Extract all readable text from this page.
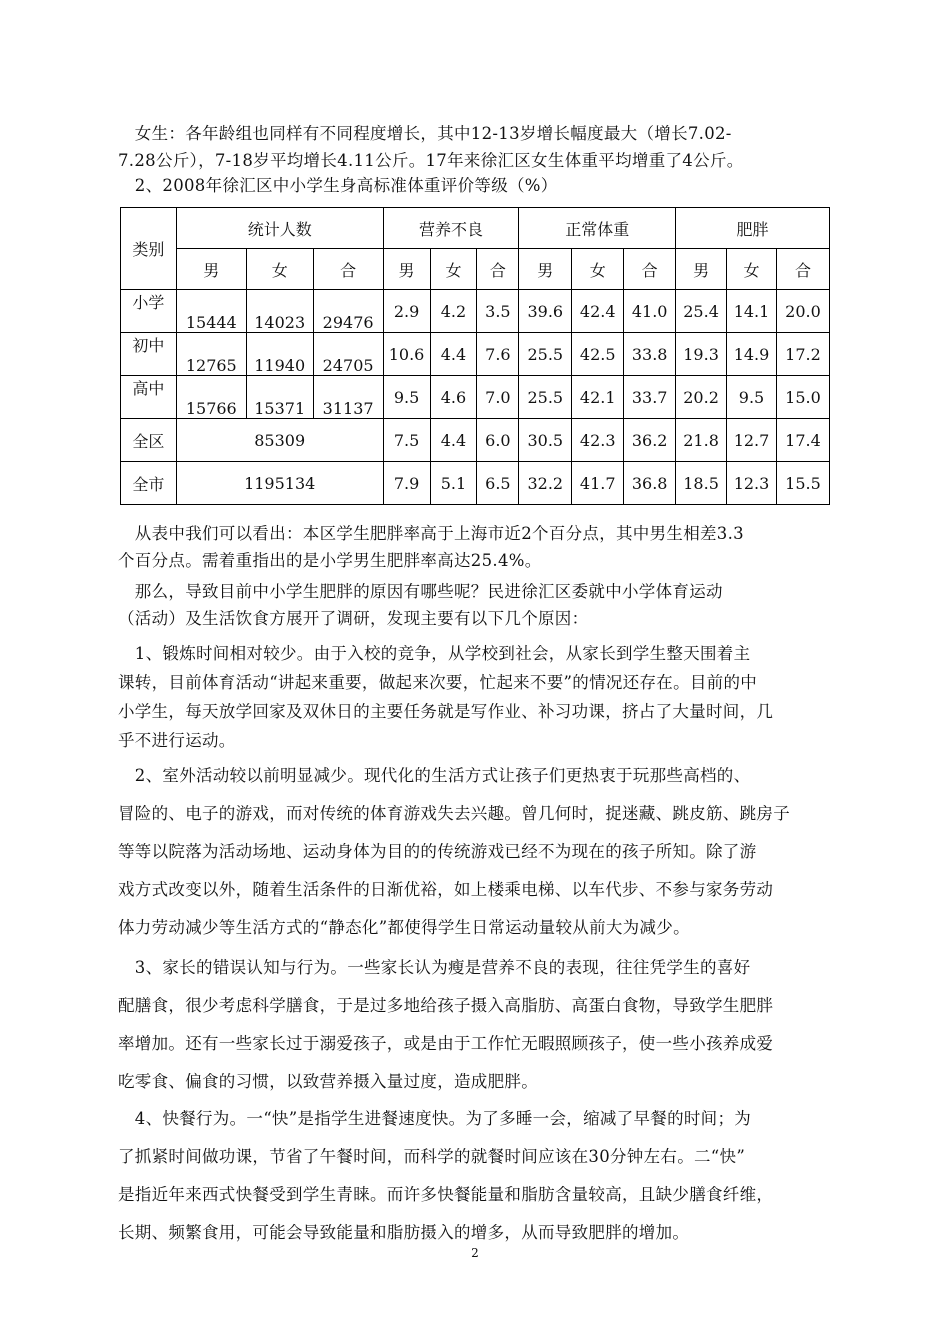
　女生：各年龄组也同样有不同程度增长，其中12-13岁增长幅度最大（增长7.02-
7.28公斤），7-18岁平均增长4.11公斤。17年来徐汇区女生体重平均增重了4公斤。
　2、2008年徐汇区中小学生身高标准体重评价等级（%）
类别	统计人数			营养不良			正常体重			肥胖		
	男	女	合	男	女	合	男	女	合	男	女	合
小学	15444	14023	29476	2.9	4.2	3.5	39.6	42.4	41.0	25.4	14.1	20.0
初中	12765	11940	24705	10.6	4.4	7.6	25.5	42.5	33.8	19.3	14.9	17.2
高中	15766	15371	31137	9.5	4.6	7.0	25.5	42.1	33.7	20.2	9.5	15.0
全区	85309			7.5	4.4	6.0	30.5	42.3	36.2	21.8	12.7	17.4
全市	1195134			7.9	5.1	6.5	32.2	41.7	36.8	18.5	12.3	15.5
　从表中我们可以看出：本区学生肥胖率高于上海市近2个百分点，其中男生相差3.3
个百分点。需着重指出的是小学男生肥胖率高达25.4%。
　那么，导致目前中小学生肥胖的原因有哪些呢？民进徐汇区委就中小学体育运动
（活动）及生活饮食方展开了调研，发现主要有以下几个原因：
　1、锻炼时间相对较少。由于入校的竞争，从学校到社会，从家长到学生整天围着主
课转，目前体育活动“讲起来重要，做起来次要，忙起来不要”的情况还存在。目前的中
小学生，每天放学回家及双休日的主要任务就是写作业、补习功课，挤占了大量时间，几
乎不进行运动。
　2、室外活动较以前明显减少。现代化的生活方式让孩子们更热衷于玩那些高档的、
冒险的、电子的游戏，而对传统的体育游戏失去兴趣。曾几何时，捉迷藏、跳皮筋、跳房子
等等以院落为活动场地、运动身体为目的的传统游戏已经不为现在的孩子所知。除了游
戏方式改变以外，随着生活条件的日渐优裕，如上楼乘电梯、以车代步、不参与家务劳动
体力劳动减少等生活方式的“静态化”都使得学生日常运动量较从前大为减少。
　3、家长的错误认知与行为。一些家长认为瘦是营养不良的表现，往往凭学生的喜好
配膳食，很少考虑科学膳食，于是过多地给孩子摄入高脂肪、高蛋白食物，导致学生肥胖
率增加。还有一些家长过于溺爱孩子，或是由于工作忙无暇照顾孩子，使一些小孩养成爱
吃零食、偏食的习惯，以致营养摄入量过度，造成肥胖。
　4、快餐行为。一“快”是指学生进餐速度快。为了多睡一会，缩减了早餐的时间；为
了抓紧时间做功课，节省了午餐时间，而科学的就餐时间应该在30分钟左右。二“快”
是指近年来西式快餐受到学生青睐。而许多快餐能量和脂肪含量较高，且缺少膳食纤维，
长期、频繁食用，可能会导致能量和脂肪摄入的增多，从而导致肥胖的增加。
2
